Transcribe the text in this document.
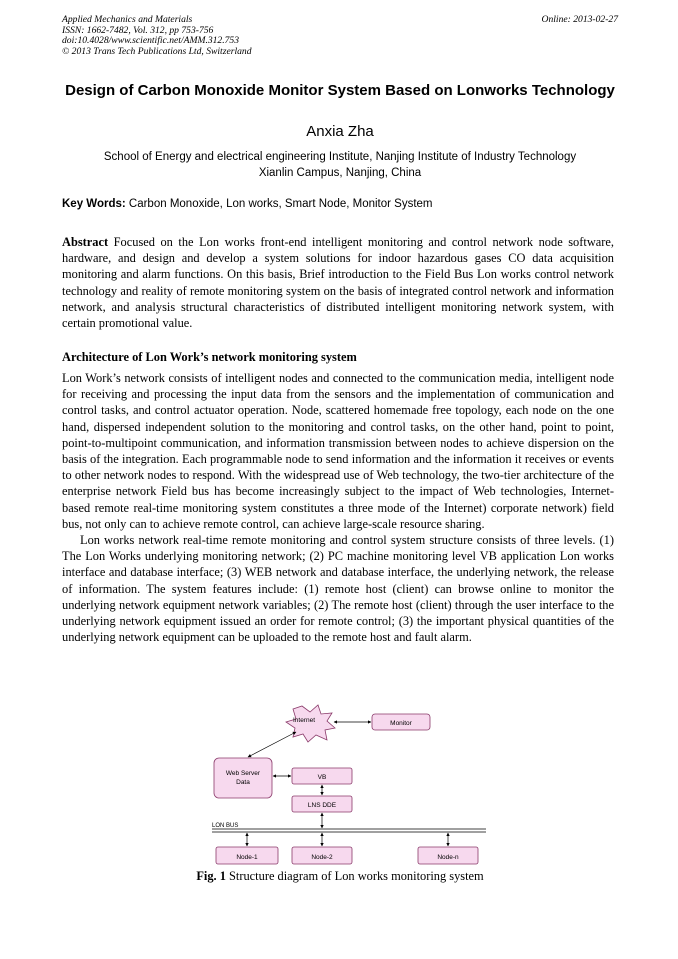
Applied Mechanics and Materials
ISSN: 1662-7482, Vol. 312, pp 753-756
doi:10.4028/www.scientific.net/AMM.312.753
© 2013 Trans Tech Publications Ltd, Switzerland
Online: 2013-02-27
Design of Carbon Monoxide Monitor System Based on Lonworks Technology
Anxia Zha
School of Energy and electrical engineering Institute, Nanjing Institute of Industry Technology
Xianlin Campus, Nanjing, China
Key Words: Carbon Monoxide, Lon works, Smart Node, Monitor System
Abstract Focused on the Lon works front-end intelligent monitoring and control network node software, hardware, and design and develop a system solutions for indoor hazardous gases CO data acquisition monitoring and alarm functions. On this basis, Brief introduction to the Field Bus Lon works control network technology and reality of remote monitoring system on the basis of integrated control network and information network, and analysis structural characteristics of distributed intelligent monitoring network system, with certain promotional value.
Architecture of Lon Work’s network monitoring system

Lon Work’s network consists of intelligent nodes and connected to the communication media, intelligent node for receiving and processing the input data from the sensors and the implementation of communication and control tasks, and control actuator operation. Node, scattered homemade free topology, each node on the one hand, dispersed independent solution to the monitoring and control tasks, on the other hand, point to point, point-to-multipoint communication, and information transmission between nodes to achieve dispersion on the basis of the integration. Each programmable node to send information and the information it receives or events to other network nodes to respond. With the widespread use of Web technology, the two-tier architecture of the enterprise network Field bus has become increasingly subject to the impact of Web technologies, Internet-based remote real-time monitoring system constitutes a three mode of the Internet) corporate network) field bus, not only can to achieve remote control, can achieve large-scale resource sharing.

Lon works network real-time remote monitoring and control system structure consists of three levels. (1) The Lon Works underlying monitoring network; (2) PC machine monitoring level VB application Lon works interface and database interface; (3) WEB network and database interface, the underlying network, the release of information. The system features include: (1) remote host (client) can browse online to monitor the underlying network equipment network variables; (2) The remote host (client) through the user interface to the underlying network equipment issued an order for remote control; (3) the important physical quantities of the underlying network equipment can be uploaded to the remote host and fault alarm.

Internet	Monitor
Web Server
Data
VB
LNS DDE
LON BUS
Node-1	Node-2	Node-n
Fig. 1 Structure diagram of Lon works monitoring system
